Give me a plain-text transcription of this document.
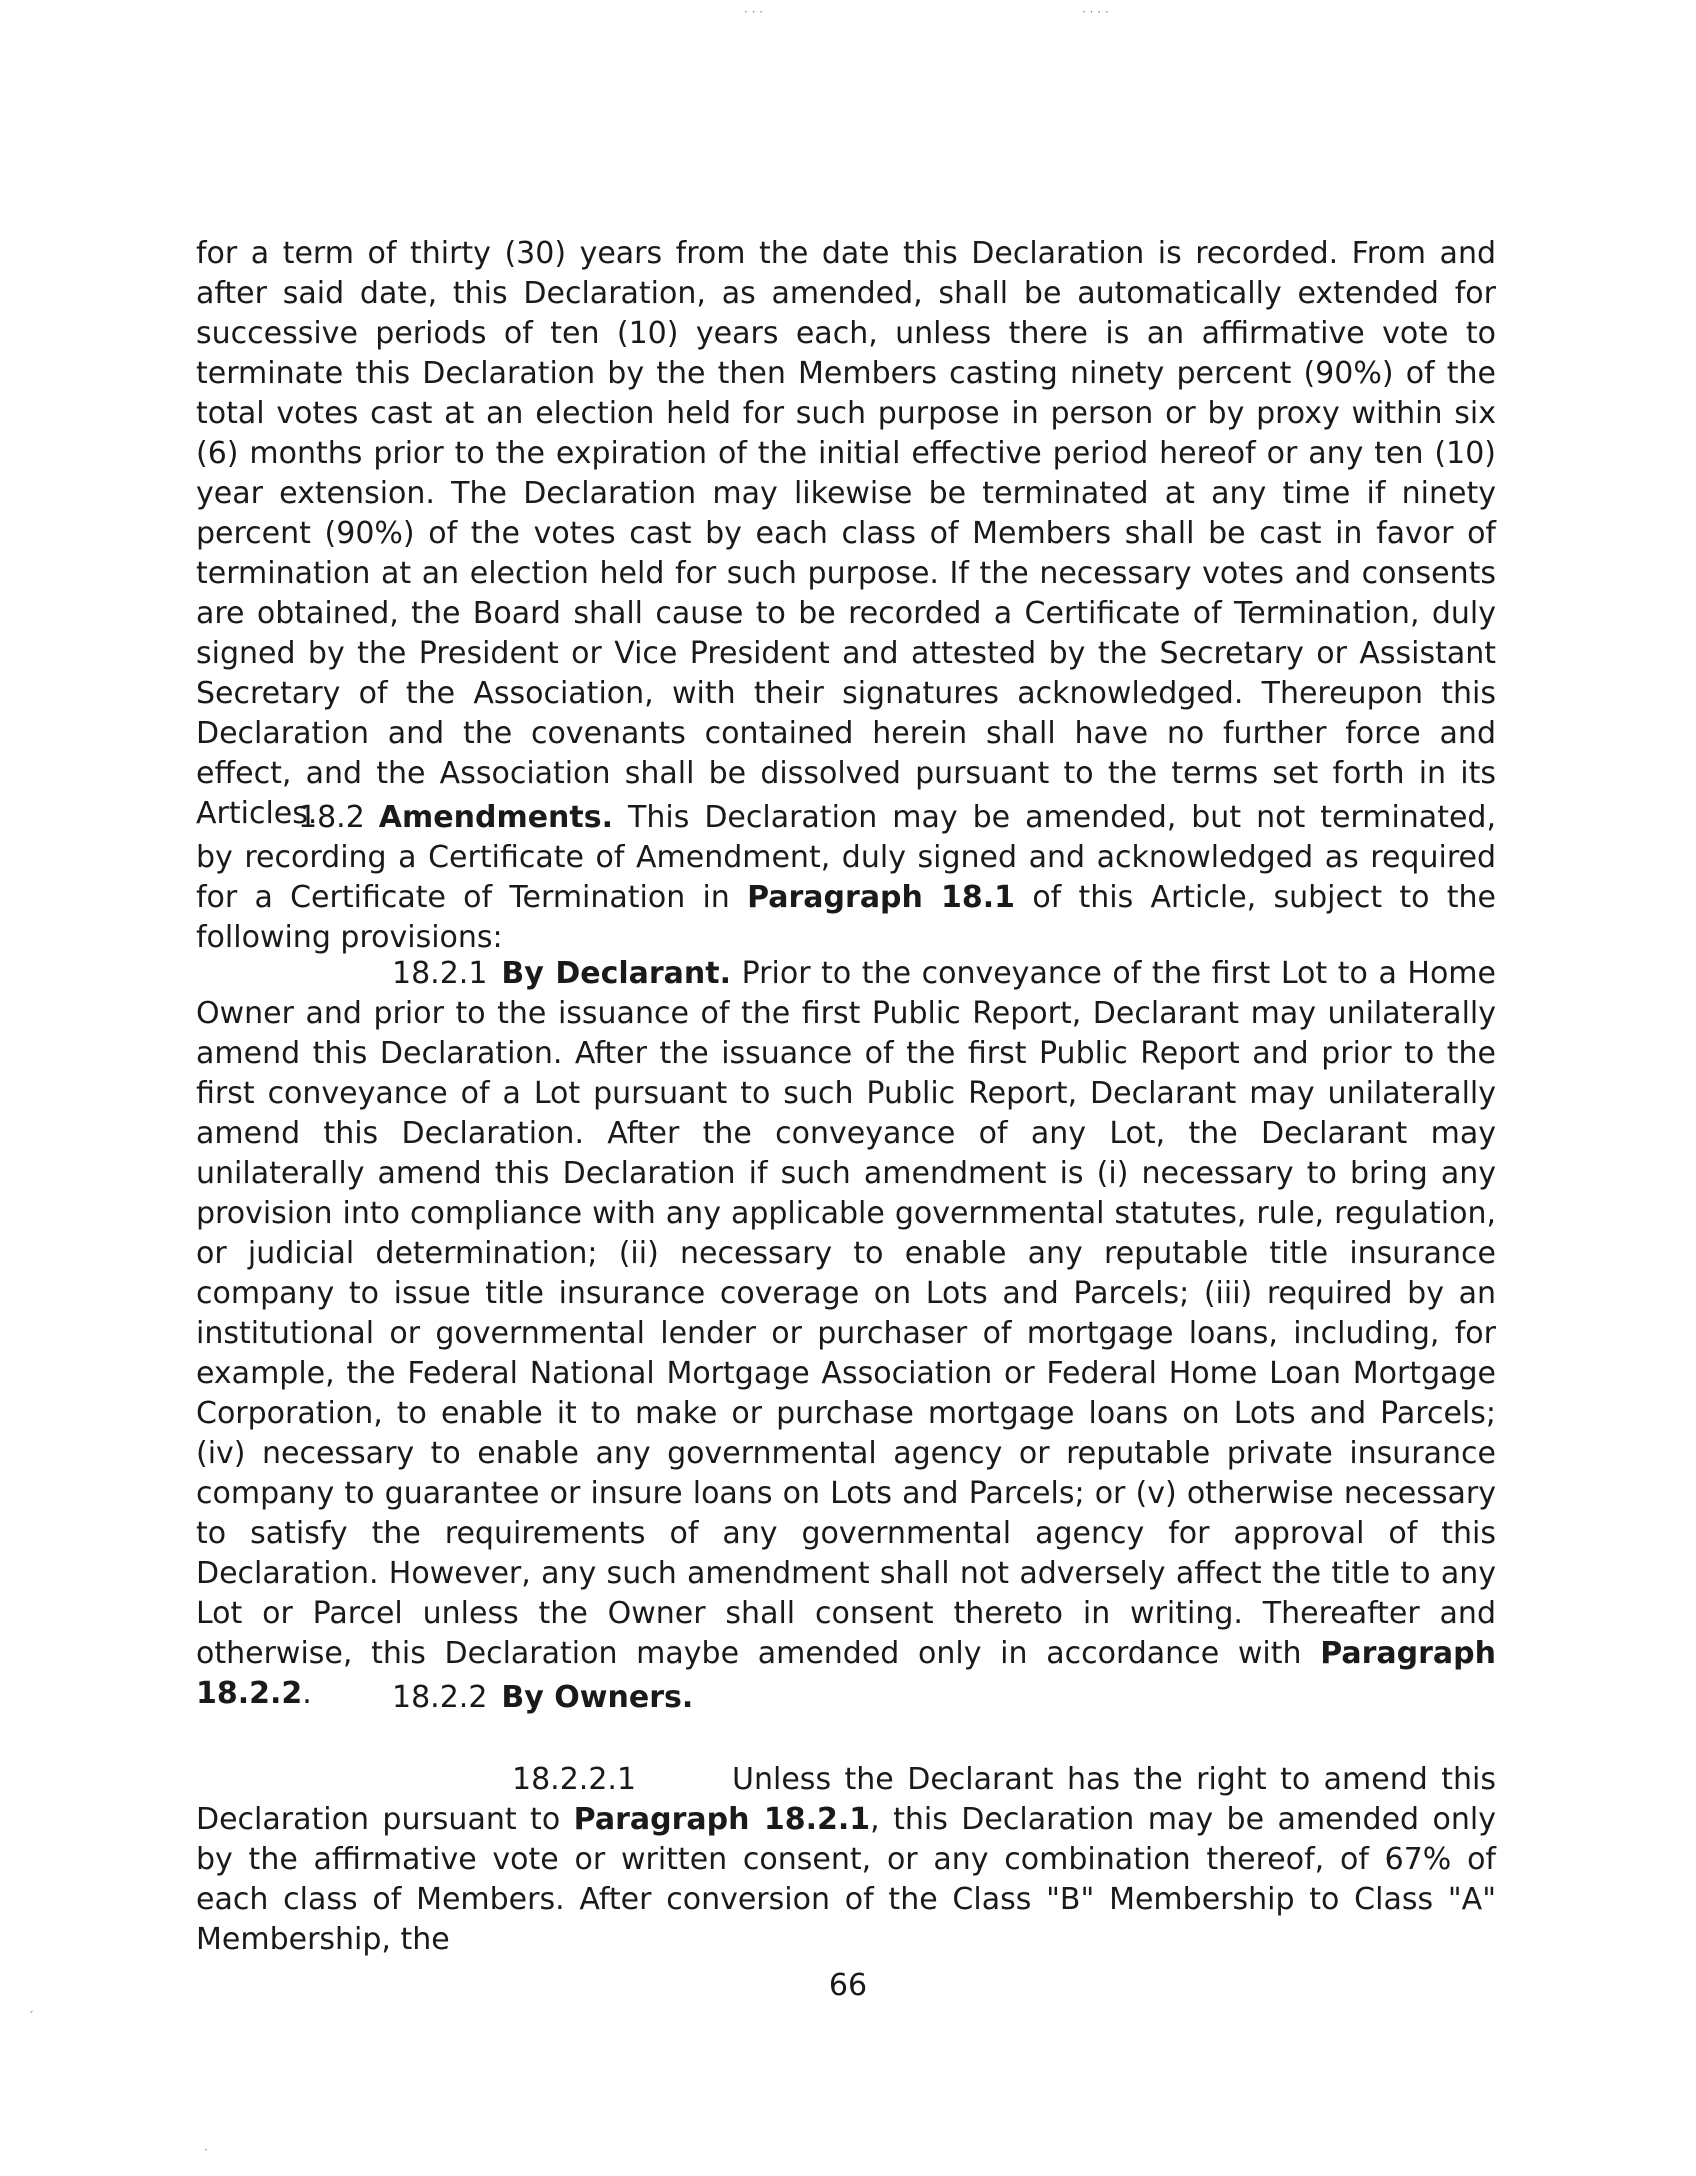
· · ·	· · · ·
ˏ
·

for a term of thirty (30) years from the date this Declaration is recorded. From and after said date, this Declaration, as amended, shall be automatically extended for successive periods of ten (10) years each, unless there is an affirmative vote to terminate this Declaration by the then Members casting ninety percent (90%) of the total votes cast at an election held for such purpose in person or by proxy within six (6) months prior to the expiration of the initial effective period hereof or any ten (10) year extension. The Declaration may likewise be terminated at any time if ninety percent (90%) of the votes cast by each class of Members shall be cast in favor of termination at an election held for such purpose. If the necessary votes and consents are obtained, the Board shall cause to be recorded a Certificate of Termination, duly signed by the President or Vice President and attested by the Secretary or Assistant Secretary of the Association, with their signatures acknowledged. Thereupon this Declaration and the covenants contained herein shall have no further force and effect, and the Association shall be dissolved pursuant to the terms set forth in its Articles.

18.2 Amendments. This Declaration may be amended, but not terminated, by recording a Certificate of Amendment, duly signed and acknowledged as required for a Certificate of Termination in Paragraph 18.1 of this Article, subject to the following provisions:

18.2.1 By Declarant. Prior to the conveyance of the first Lot to a Home Owner and prior to the issuance of the first Public Report, Declarant may unilaterally amend this Declaration. After the issuance of the first Public Report and prior to the first conveyance of a Lot pursuant to such Public Report, Declarant may unilaterally amend this Declaration. After the conveyance of any Lot, the Declarant may unilaterally amend this Declaration if such amendment is (i) necessary to bring any provision into compliance with any applicable governmental statutes, rule, regulation, or judicial determination; (ii) necessary to enable any reputable title insurance company to issue title insurance coverage on Lots and Parcels; (iii) required by an institutional or governmental lender or purchaser of mortgage loans, including, for example, the Federal National Mortgage Association or Federal Home Loan Mortgage Corporation, to enable it to make or purchase mortgage loans on Lots and Parcels; (iv) necessary to enable any governmental agency or reputable private insurance company to guarantee or insure loans on Lots and Parcels; or (v) otherwise necessary to satisfy the requirements of any governmental agency for approval of this Declaration. However, any such amendment shall not adversely affect the title to any Lot or Parcel unless the Owner shall consent thereto in writing. Thereafter and otherwise, this Declaration maybe amended only in accordance with Paragraph 18.2.2.	18.2.2 By Owners.

18.2.2.1	Unless the Declarant has the right to amend this Declaration pursuant to Paragraph 18.2.1, this Declaration may be amended only by the affirmative vote or written consent, or any combination thereof, of 67% of each class of Members. After conversion of the Class "B" Membership to Class "A" Membership, the

66
